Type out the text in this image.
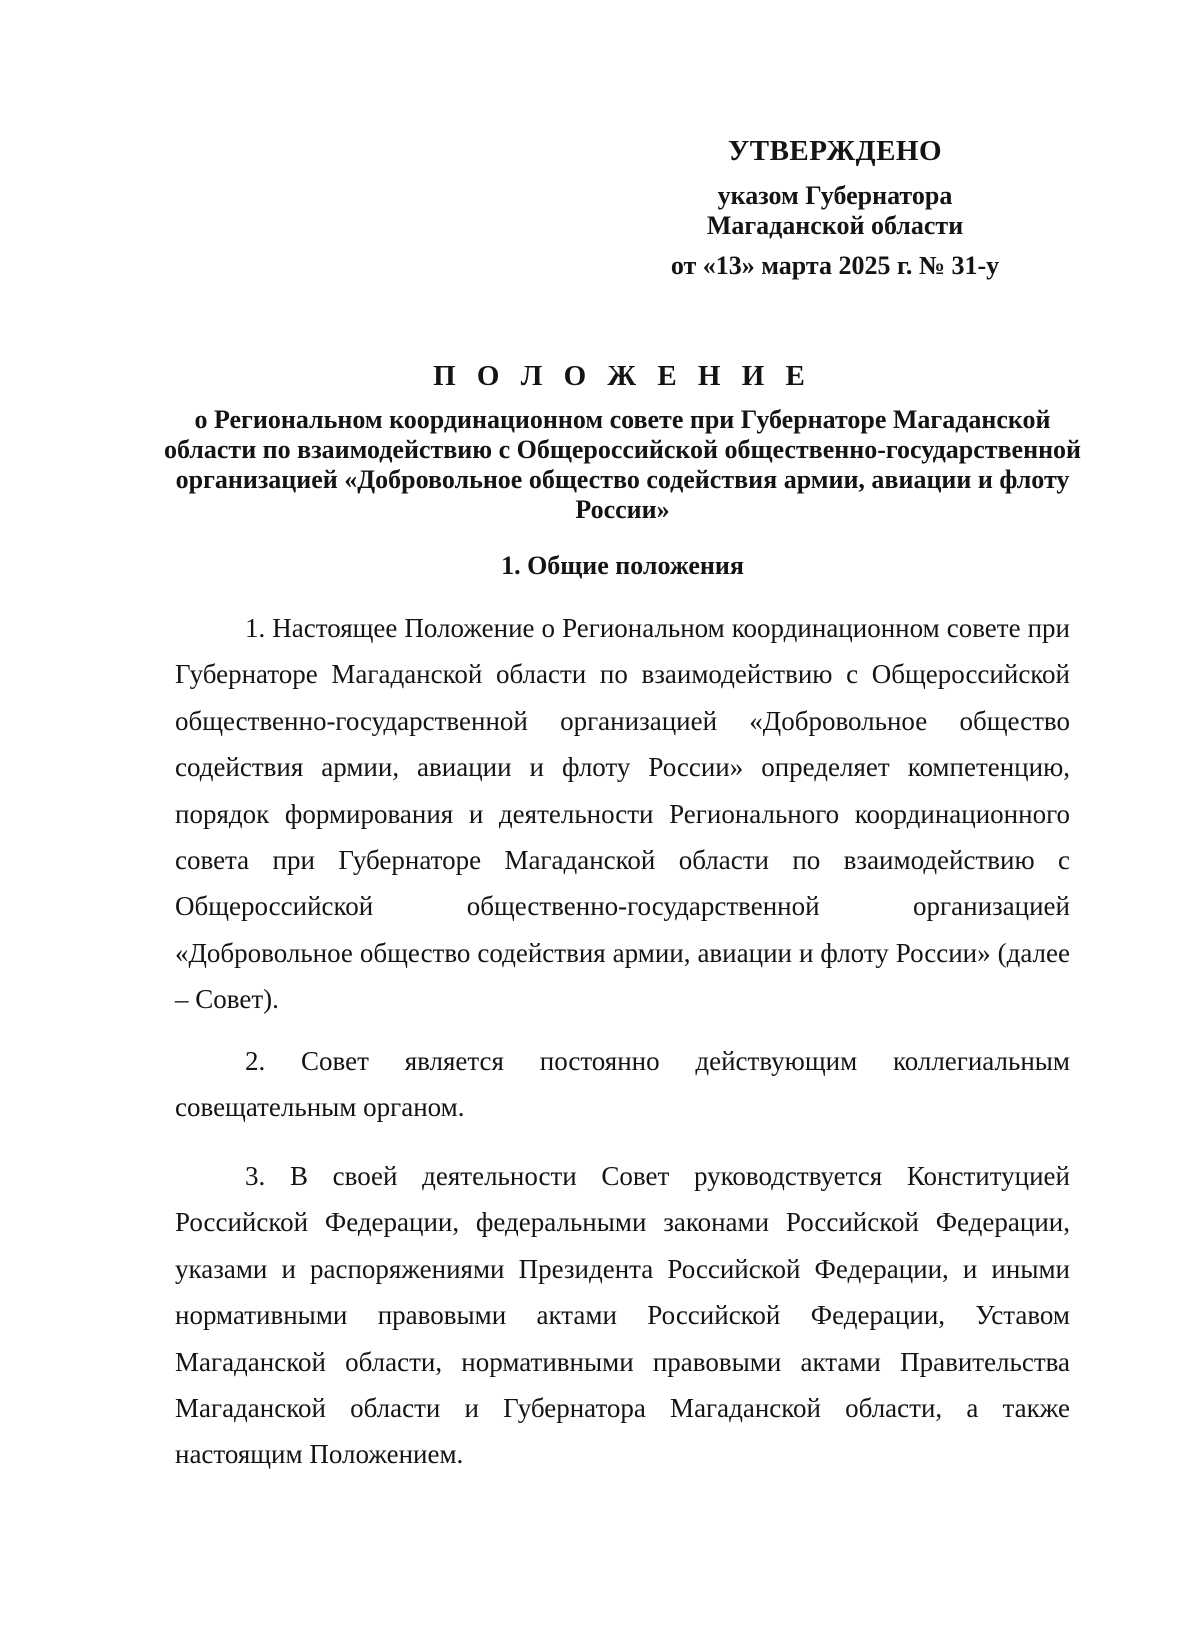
УТВЕРЖДЕНО
указом Губернатора
Магаданской области
от «13» марта 2025 г. № 31-у
П О Л О Ж Е Н И Е
о Региональном координационном совете при Губернаторе Магаданской области по взаимодействию с Общероссийской общественно-государственной организацией «Добровольное общество содействия армии, авиации и флоту России»
1. Общие положения

1. Настоящее Положение о Региональном координационном совете при Губернаторе Магаданской области по взаимодействию с Общероссийской общественно-государственной организацией «Добровольное общество содействия армии, авиации и флоту России» определяет компетенцию, порядок формирования и деятельности Регионального координационного совета при Губернаторе Магаданской области по взаимодействию с Общероссийской общественно-государственной организацией «Добровольное общество содействия армии, авиации и флоту России» (далее – Совет).

2. Совет является постоянно действующим коллегиальным совещательным органом.

3. В своей деятельности Совет руководствуется Конституцией Российской Федерации, федеральными законами Российской Федерации, указами и распоряжениями Президента Российской Федерации, и иными нормативными правовыми актами Российской Федерации, Уставом Магаданской области, нормативными правовыми актами Правительства Магаданской области и Губернатора Магаданской области, а также настоящим Положением.
